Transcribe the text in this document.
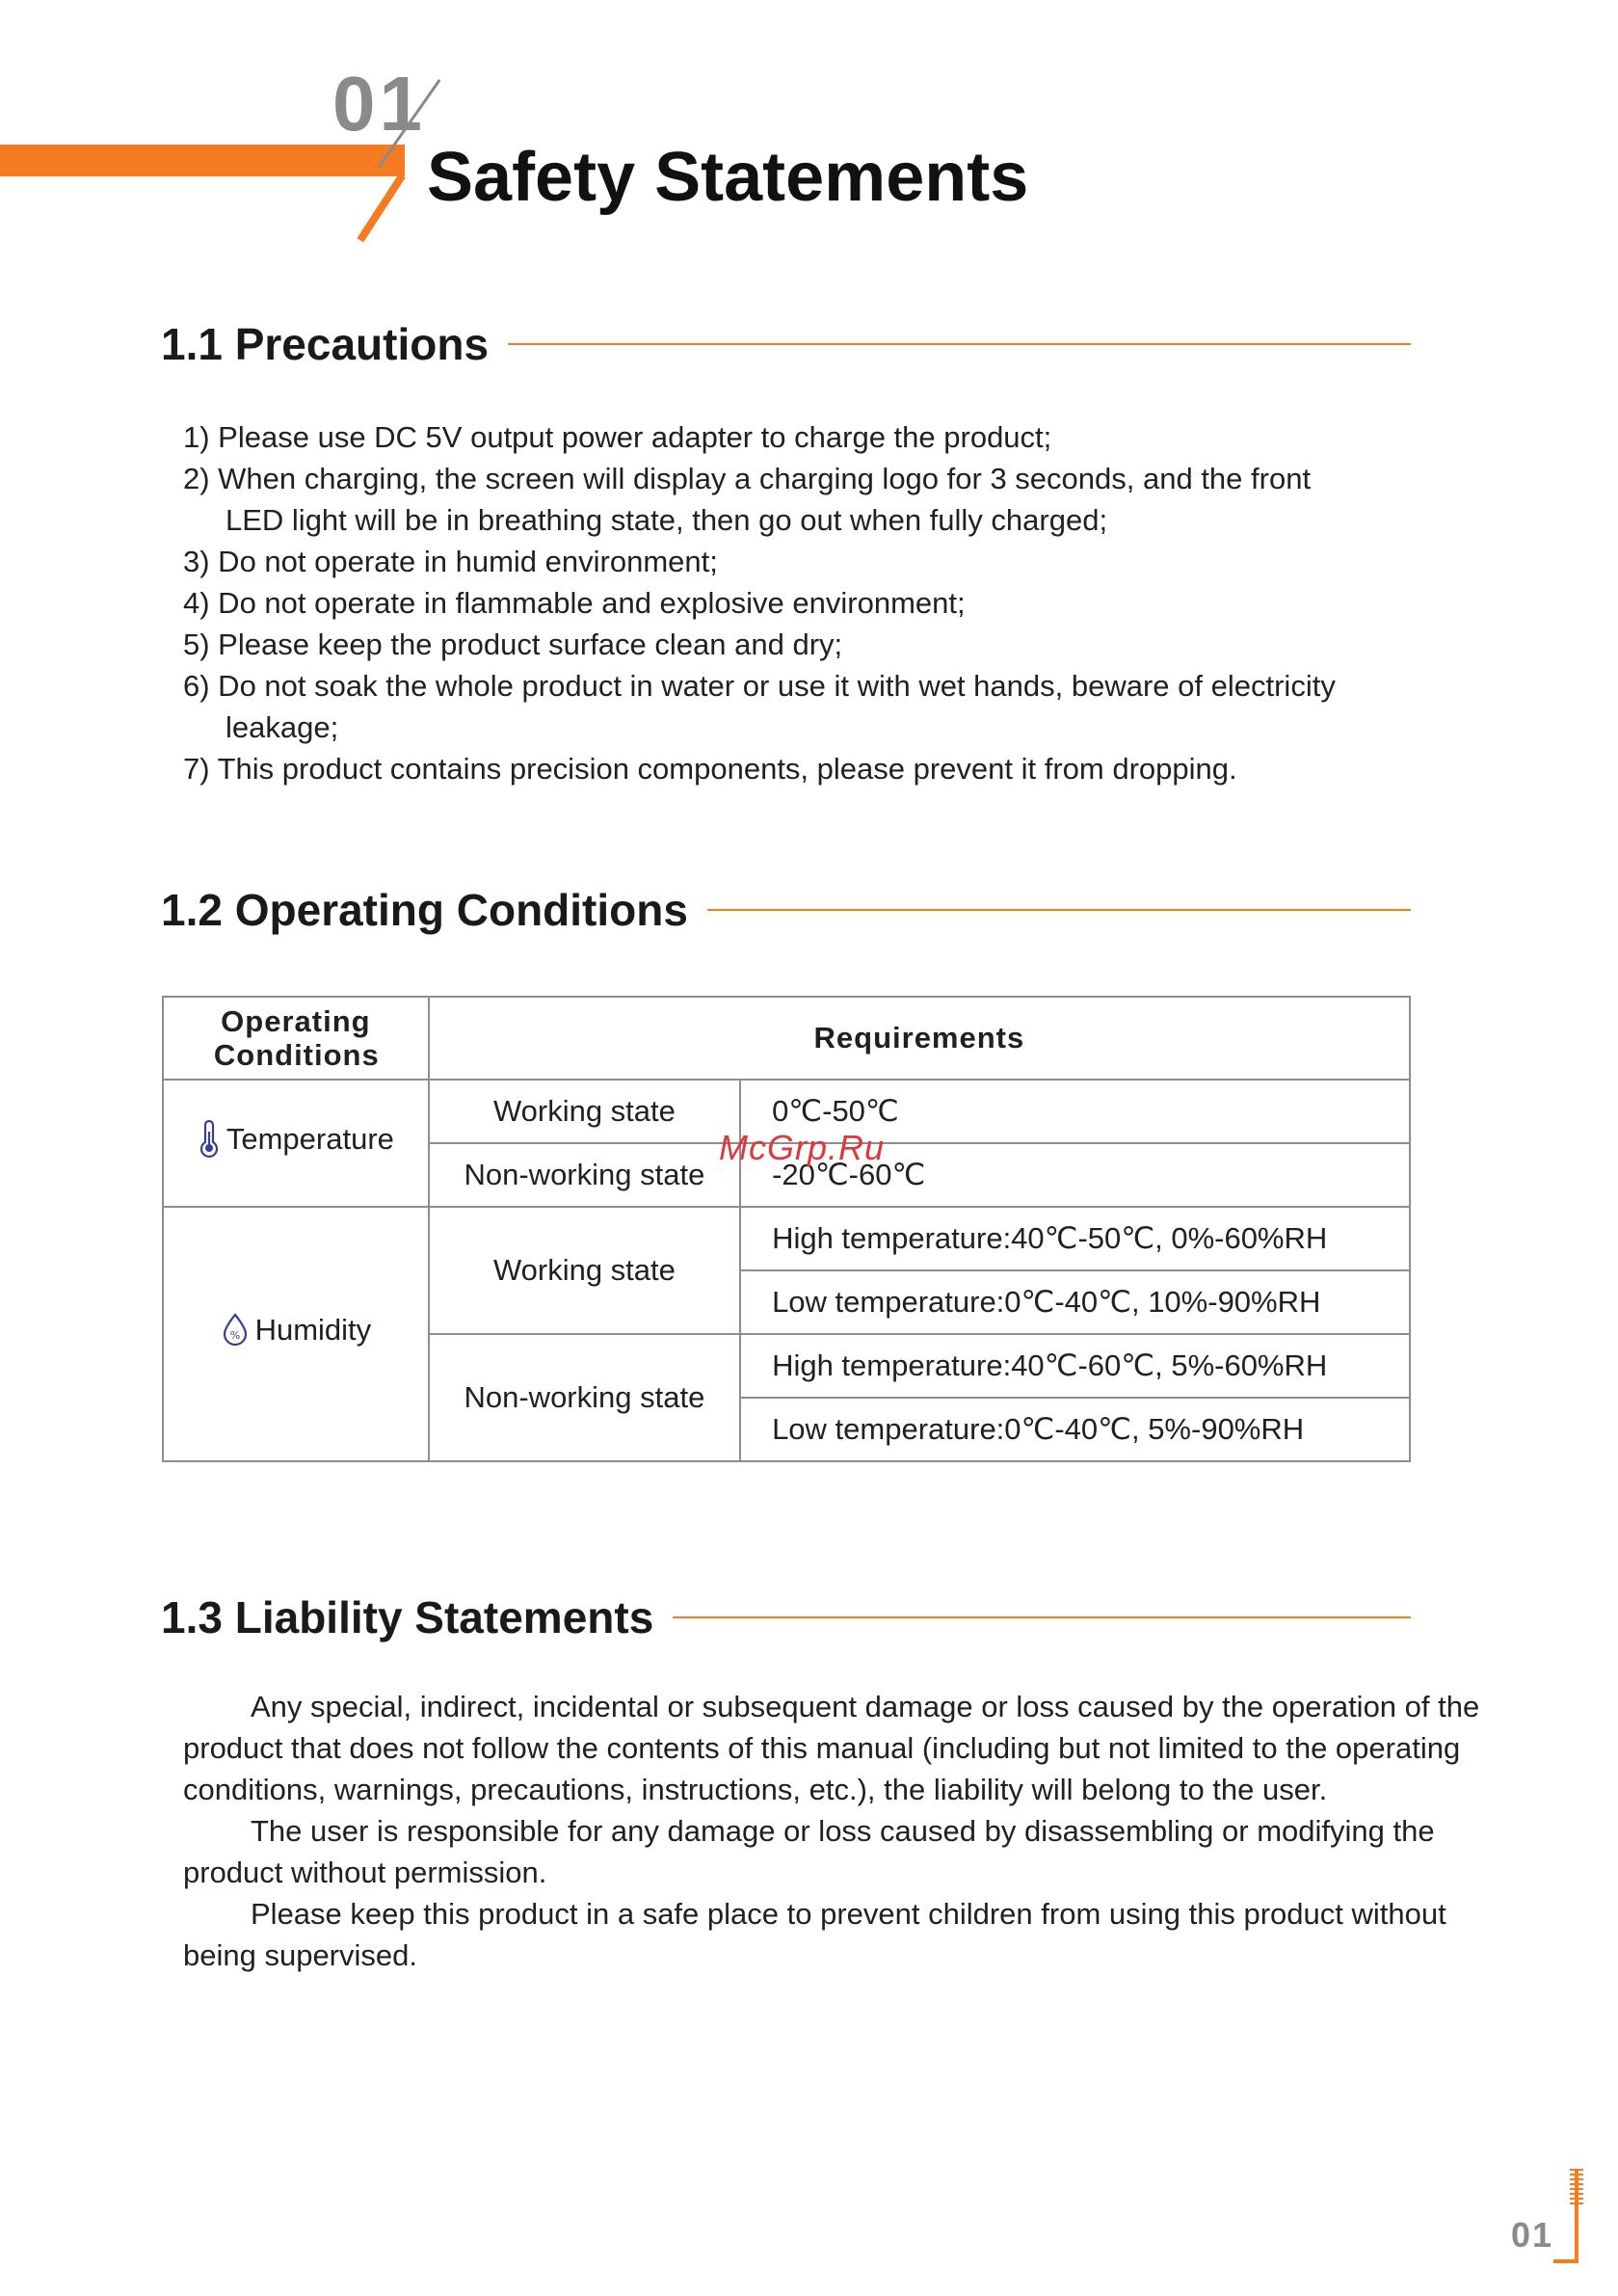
01
Safety Statements
1.1 Precautions

1) Please use DC 5V output power adapter to charge the product;

2) When charging, the screen will display a charging logo for 3 seconds, and the front

LED light will be in breathing state, then go out when fully charged;

3) Do not operate in humid environment;

4) Do not operate in flammable and explosive environment;

5) Please keep the product surface clean and dry;

6) Do not soak the whole product in water or use it with wet hands, beware of electricity

leakage;

7) This product contains precision components, please prevent it from dropping.

1.2 Operating Conditions
Operating Conditions	Requirements	

Temperature	Working state	0℃-50℃
	Non-working state	-20℃-60℃

% Humidity	Working state	High temperature:40℃-50℃, 0%-60%RH
		Low temperature:0℃-40℃, 10%-90%RH
	Non-working state	High temperature:40℃-60℃, 5%-60%RH
		Low temperature:0℃-40℃, 5%-90%RH
McGrp.Ru
1.3 Liability Statements

Any special, indirect, incidental or subsequent damage or loss caused by the operation of the product that does not follow the contents of this manual (including but not limited to the operating conditions, warnings, precautions, instructions, etc.), the liability will belong to the user.

The user is responsible for any damage or loss caused by disassembling or modifying the product without permission.

Please keep this product in a safe place to prevent children from using this product without being supervised.

01
